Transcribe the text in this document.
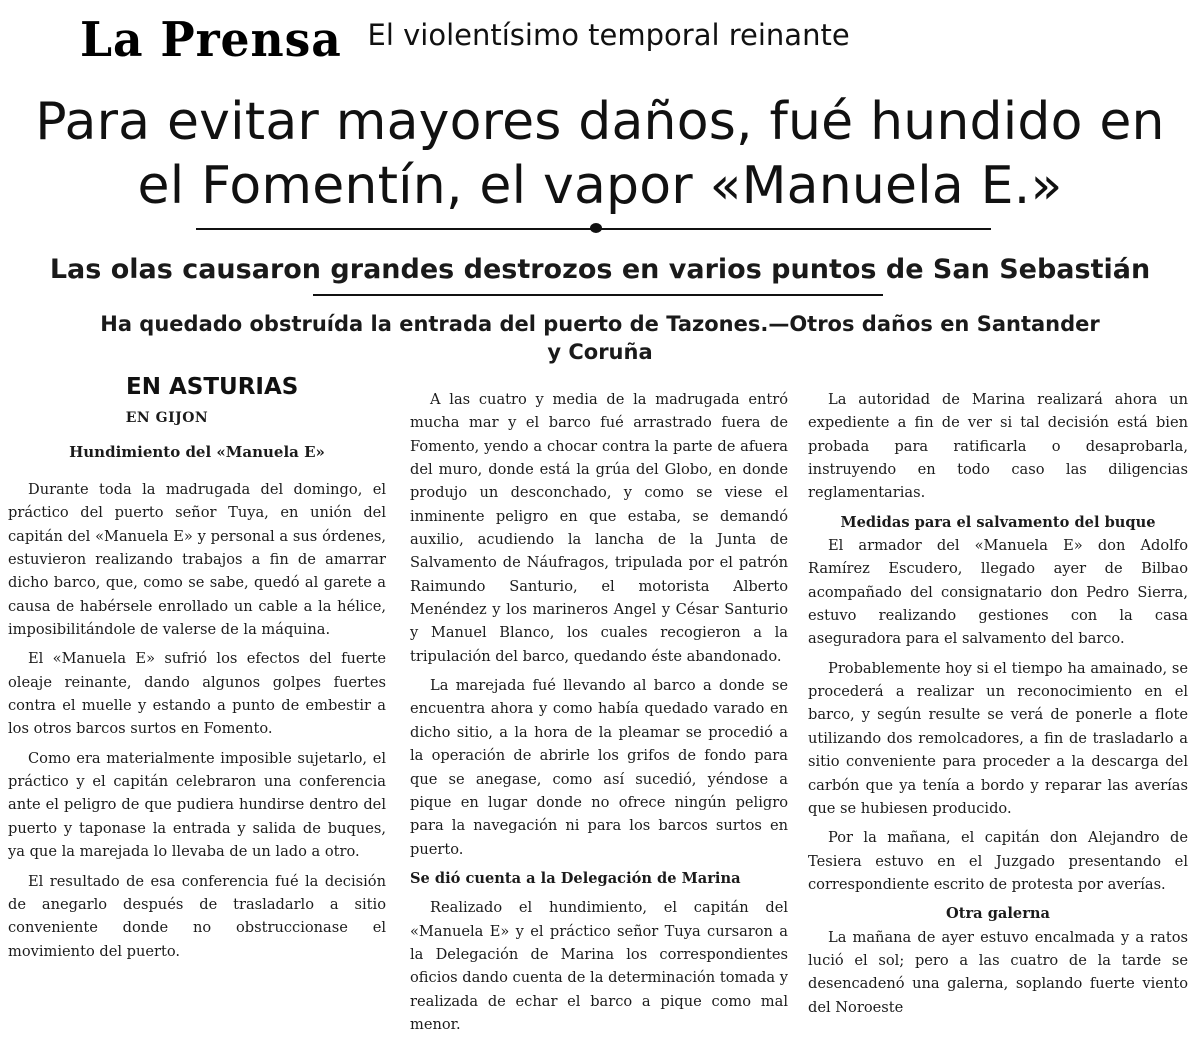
La Prensa El violentísimo temporal reinante
Para evitar mayores daños, fué hundido en el Fomentín, el vapor «Manuela E.»
Las olas causaron grandes destrozos en varios puntos de San Sebastián
Ha quedado obstruída la entrada del puerto de Tazones.—Otros daños en Santander y Coruña
EN ASTURIAS
EN GIJON
Hundimiento del «Manuela E»

Durante toda la madrugada del domingo, el práctico del puerto señor Tuya, en unión del capitán del «Manuela E» y personal a sus órdenes, estuvieron realizando trabajos a fin de amarrar dicho barco, que, como se sabe, quedó al garete a causa de habérsele enrollado un cable a la hélice, imposibilitándole de valerse de la máquina.

El «Manuela E» sufrió los efectos del fuerte oleaje reinante, dando algunos golpes fuertes contra el muelle y estando a punto de embestir a los otros barcos surtos en Fomento.

Como era materialmente imposible sujetarlo, el práctico y el capitán celebraron una conferencia ante el peligro de que pudiera hundirse dentro del puerto y taponase la entrada y salida de buques, ya que la marejada lo llevaba de un lado a otro.

El resultado de esa conferencia fué la decisión de anegarlo después de trasladarlo a sitio conveniente donde no obstruccionase el movimiento del puerto.

A las cuatro y media de la madrugada entró mucha mar y el barco fué arrastrado fuera de Fomento, yendo a chocar contra la parte de afuera del muro, donde está la grúa del Globo, en donde produjo un desconchado, y como se viese el inminente peligro en que estaba, se demandó auxilio, acudiendo la lancha de la Junta de Salvamento de Náufragos, tripulada por el patrón Raimundo Santurio, el motorista Alberto Menéndez y los marineros Angel y César Santurio y Manuel Blanco, los cuales recogieron a la tripulación del barco, quedando éste abandonado.

La marejada fué llevando al barco a donde se encuentra ahora y como había quedado varado en dicho sitio, a la hora de la pleamar se procedió a la operación de abrirle los grifos de fondo para que se anegase, como así sucedió, yéndose a pique en lugar donde no ofrece ningún peligro para la navegación ni para los barcos surtos en puerto.

Se dió cuenta a la Delegación de Marina

Realizado el hundimiento, el capitán del «Manuela E» y el práctico señor Tuya cursaron a la Delegación de Marina los correspondientes oficios dando cuenta de la determinación tomada y realizada de echar el barco a pique como mal menor.

La autoridad de Marina realizará ahora un expediente a fin de ver si tal decisión está bien probada para ratificarla o desaprobarla, instruyendo en todo caso las diligencias reglamentarias.

Medidas para el salvamento del buque

El armador del «Manuela E» don Adolfo Ramírez Escudero, llegado ayer de Bilbao acompañado del consignatario don Pedro Sierra, estuvo realizando gestiones con la casa aseguradora para el salvamento del barco.

Probablemente hoy si el tiempo ha amainado, se procederá a realizar un reconocimiento en el barco, y según resulte se verá de ponerle a flote utilizando dos remolcadores, a fin de trasladarlo a sitio conveniente para proceder a la descarga del carbón que ya tenía a bordo y reparar las averías que se hubiesen producido.

Por la mañana, el capitán don Alejandro de Tesiera estuvo en el Juzgado presentando el correspondiente escrito de protesta por averías.

Otra galerna

La mañana de ayer estuvo encalmada y a ratos lució el sol; pero a las cuatro de la tarde se desencadenó una galerna, soplando fuerte viento del Noroeste
